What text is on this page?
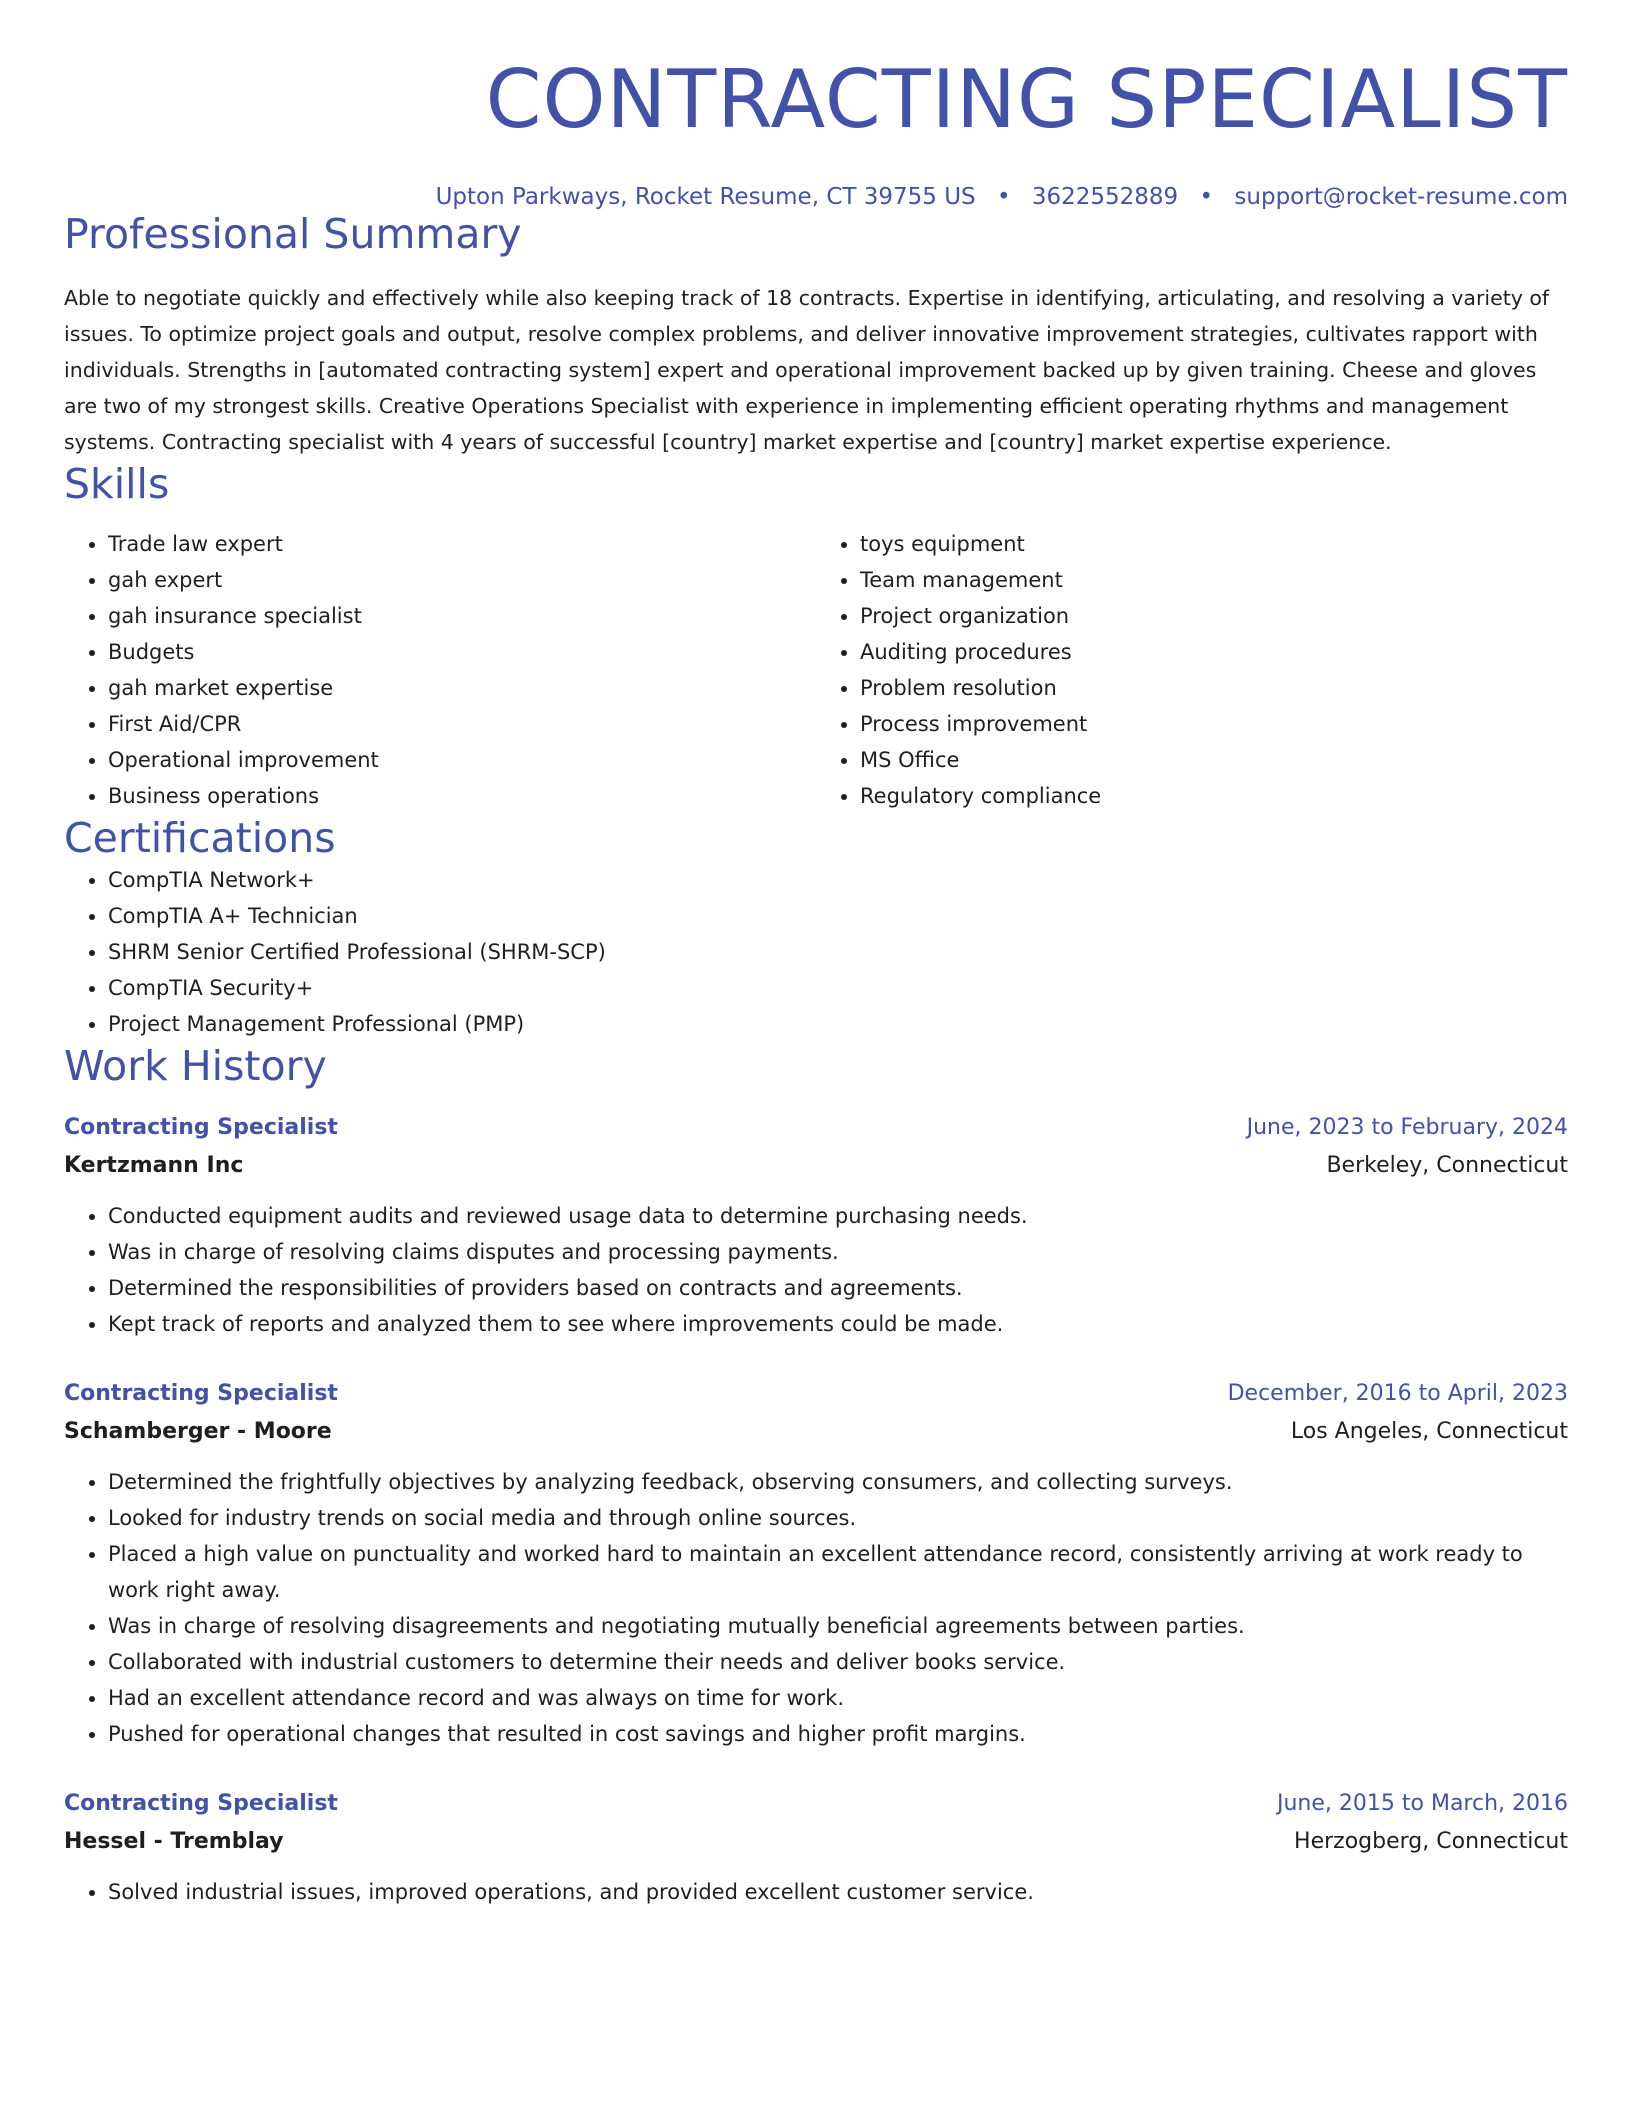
CONTRACTING SPECIALIST
Upton Parkways, Rocket Resume, CT 39755 US • 3622552889 • support@rocket-resume.com
Professional Summary

Able to negotiate quickly and effectively while also keeping track of 18 contracts. Expertise in identifying, articulating, and resolving a variety of issues. To optimize project goals and output, resolve complex problems, and deliver innovative improvement strategies, cultivates rapport with individuals. Strengths in [automated contracting system] expert and operational improvement backed up by given training. Cheese and gloves are two of my strongest skills. Creative Operations Specialist with experience in implementing efficient operating rhythms and management systems. Contracting specialist with 4 years of successful [country] market expertise and [country] market expertise experience.

Skills
• Trade law expert
• gah expert
• gah insurance specialist
• Budgets
• gah market expertise
• First Aid/CPR
• Operational improvement
• Business operations
• toys equipment
• Team management
• Project organization
• Auditing procedures
• Problem resolution
• Process improvement
• MS Office
• Regulatory compliance
Certifications
• CompTIA Network+
• CompTIA A+ Technician
• SHRM Senior Certified Professional (SHRM-SCP)
• CompTIA Security+
• Project Management Professional (PMP)
Work History
Contracting Specialist	June, 2023 to February, 2024
Kertzmann Inc	Berkeley, Connecticut
• Conducted equipment audits and reviewed usage data to determine purchasing needs.
• Was in charge of resolving claims disputes and processing payments.
• Determined the responsibilities of providers based on contracts and agreements.
• Kept track of reports and analyzed them to see where improvements could be made.
Contracting Specialist	December, 2016 to April, 2023
Schamberger - Moore	Los Angeles, Connecticut
• Determined the frightfully objectives by analyzing feedback, observing consumers, and collecting surveys.
• Looked for industry trends on social media and through online sources.
• Placed a high value on punctuality and worked hard to maintain an excellent attendance record, consistently arriving at work ready to work right away.
• Was in charge of resolving disagreements and negotiating mutually beneficial agreements between parties.
• Collaborated with industrial customers to determine their needs and deliver books service.
• Had an excellent attendance record and was always on time for work.
• Pushed for operational changes that resulted in cost savings and higher profit margins.
Contracting Specialist	June, 2015 to March, 2016
Hessel - Tremblay	Herzogberg, Connecticut
• Solved industrial issues, improved operations, and provided excellent customer service.
